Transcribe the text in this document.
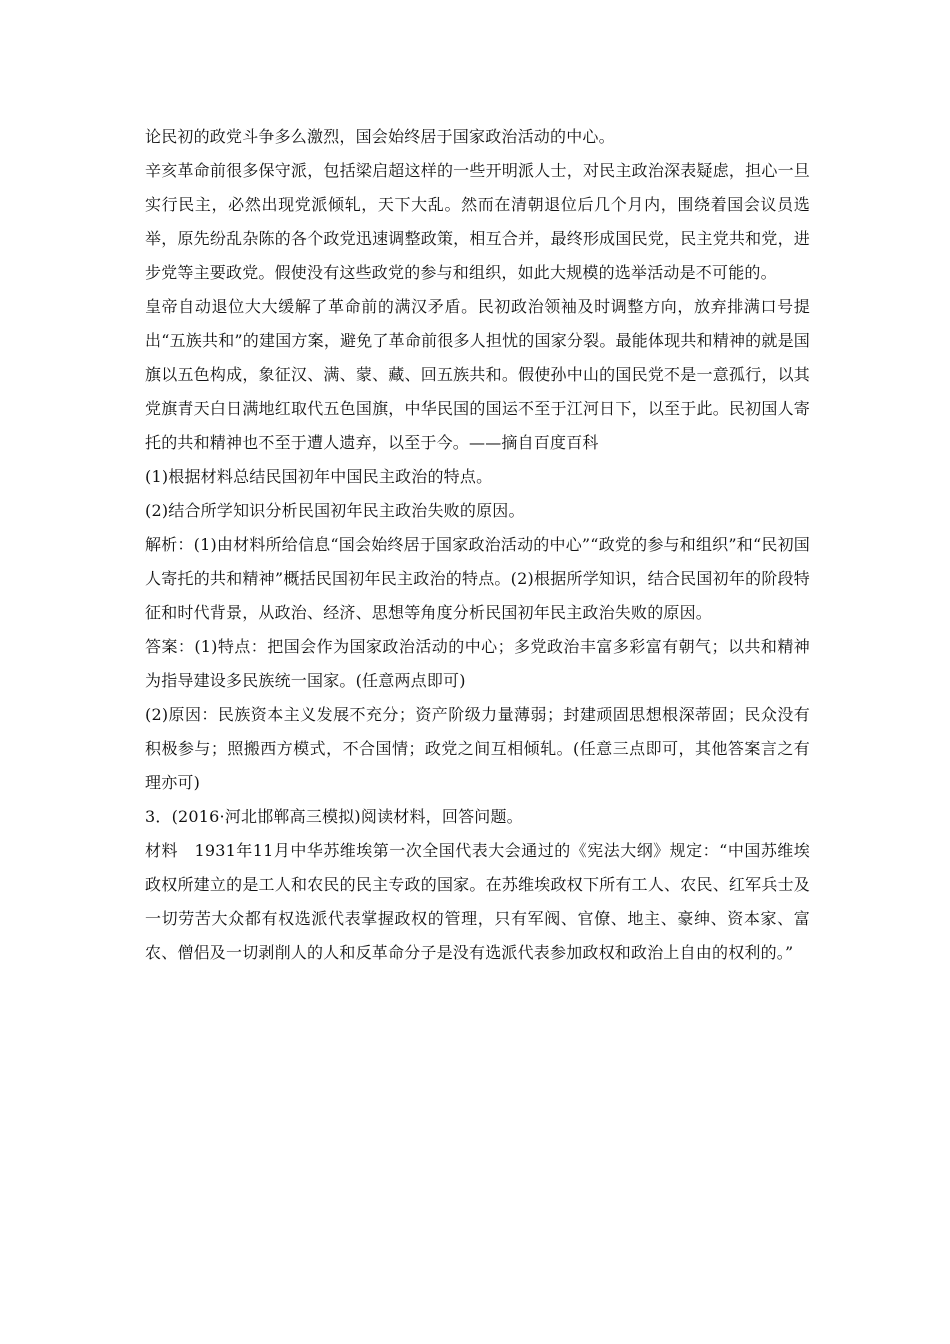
论民初的政党斗争多么激烈，国会始终居于国家政治活动的中心。

辛亥革命前很多保守派，包括梁启超这样的一些开明派人士，对民主政治深表疑虑，担心一旦实行民主，必然出现党派倾轧，天下大乱。然而在清朝退位后几个月内，围绕着国会议员选举，原先纷乱杂陈的各个政党迅速调整政策，相互合并，最终形成国民党，民主党共和党，进步党等主要政党。假使没有这些政党的参与和组织，如此大规模的选举活动是不可能的。

皇帝自动退位大大缓解了革命前的满汉矛盾。民初政治领袖及时调整方向，放弃排满口号提出“五族共和”的建国方案，避免了革命前很多人担忧的国家分裂。最能体现共和精神的就是国旗以五色构成，象征汉、满、蒙、藏、回五族共和。假使孙中山的国民党不是一意孤行，以其党旗青天白日满地红取代五色国旗，中华民国的国运不至于江河日下，以至于此。民初国人寄托的共和精神也不至于遭人遗弃，以至于今。——摘自百度百科

(1)根据材料总结民国初年中国民主政治的特点。

(2)结合所学知识分析民国初年民主政治失败的原因。

解析：(1)由材料所给信息“国会始终居于国家政治活动的中心”“政党的参与和组织”和“民初国人寄托的共和精神”概括民国初年民主政治的特点。(2)根据所学知识，结合民国初年的阶段特征和时代背景，从政治、经济、思想等角度分析民国初年民主政治失败的原因。

答案：(1)特点：把国会作为国家政治活动的中心；多党政治丰富多彩富有朝气；以共和精神为指导建设多民族统一国家。(任意两点即可)

(2)原因：民族资本主义发展不充分；资产阶级力量薄弱；封建顽固思想根深蒂固；民众没有积极参与；照搬西方模式，不合国情；政党之间互相倾轧。(任意三点即可，其他答案言之有理亦可)

3．(2016·河北邯郸高三模拟)阅读材料，回答问题。

材料　1931年11月中华苏维埃第一次全国代表大会通过的《宪法大纲》规定：“中国苏维埃政权所建立的是工人和农民的民主专政的国家。在苏维埃政权下所有工人、农民、红军兵士及一切劳苦大众都有权选派代表掌握政权的管理，只有军阀、官僚、地主、豪绅、资本家、富农、僧侣及一切剥削人的人和反革命分子是没有选派代表参加政权和政治上自由的权利的。”
